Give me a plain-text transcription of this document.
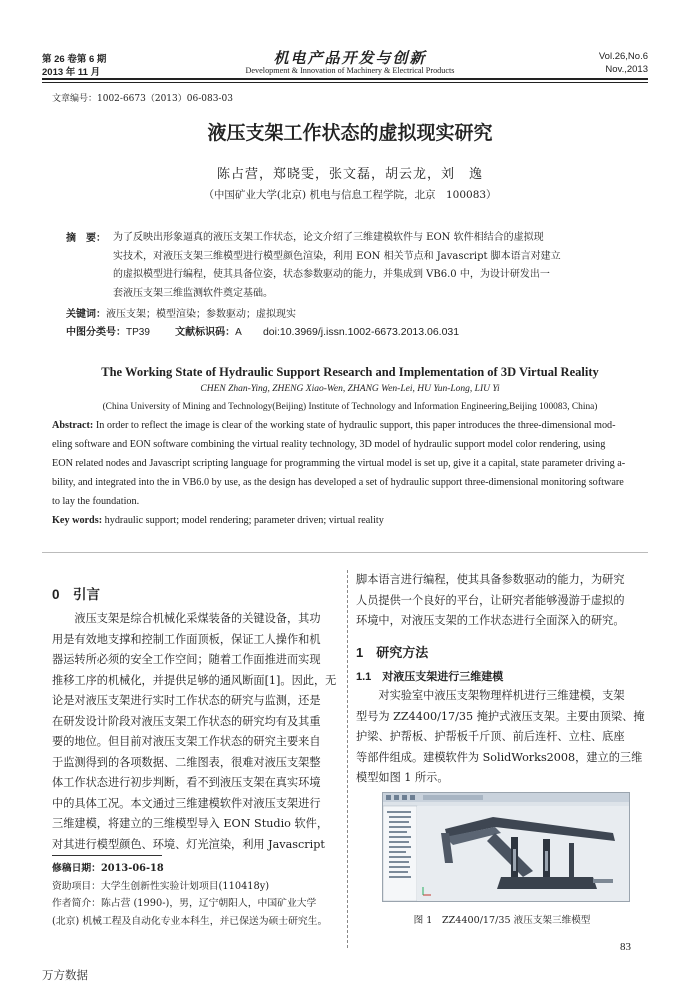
第 26 卷第 6 期
2013 年 11 月
机电产品开发与创新
Development & Innovation of Machinery & Electrical Products
Vol.26,No.6
Nov.,2013
文章编号：1002-6673（2013）06-083-03
液压支架工作状态的虚拟现实研究
陈占营，郑晓雯，张文磊，胡云龙，刘　逸
（中国矿业大学(北京) 机电与信息工程学院，北京　100083）
摘　要： 为了反映出形象逼真的液压支架工作状态，论文介绍了三维建模软件与 EON 软件相结合的虚拟现
实技术，对液压支架三维模型进行模型颜色渲染，利用 EON 相关节点和 Javascript 脚本语言对建立
的虚拟模型进行编程，使其具备位姿，状态参数驱动的能力，并集成到 VB6.0 中，为设计研发出一
套液压支架三维监测软件奠定基础。
关键词：液压支架；模型渲染；参数驱动；虚拟现实
中图分类号：TP39	文献标识码：A doi:10.3969/j.issn.1002-6673.2013.06.031
The Working State of Hydraulic Support Research and Implementation of 3D Virtual Reality
CHEN Zhan-Ying, ZHENG Xiao-Wen, ZHANG Wen-Lei, HU Yun-Long, LIU Yi
(China University of Mining and Technology(Beijing) Institute of Technology and Information Engineering,Beijing 100083, China)
Abstract: In order to reflect the image is clear of the working state of hydraulic support, this paper introduces the three-dimensional mod-
eling software and EON software combining the virtual reality technology, 3D model of hydraulic support model color rendering, using
EON related nodes and Javascript scripting language for programming the virtual model is set up, give it a capital, state parameter driving a-
bility, and integrated into the in VB6.0 by use, as the design has developed a set of hydraulic support three-dimensional monitoring software
to lay the foundation.
Key words: hydraulic support; model rendering; parameter driven; virtual reality
0　引言
液压支架是综合机械化采煤装备的关键设备，其功
用是有效地支撑和控制工作面顶板，保证工人操作和机
器运转所必须的安全工作空间；随着工作面推进而实现
推移工序的机械化，并提供足够的通风断面[1]。因此，无
论是对液压支架进行实时工作状态的研究与监测，还是
在研发设计阶段对液压支架工作状态的研究均有及其重
要的地位。但目前对液压支架工作状态的研究主要来自
于监测得到的各项数据、二维图表，很难对液压支架整
体工作状态进行初步判断，看不到液压支架在真实环境
中的具体工况。本文通过三维建模软件对液压支架进行
三维建模，将建立的三维模型导入 EON Studio 软件，
对其进行模型颜色、环境、灯光渲染，利用 Javascript
修稿日期：2013-06-18
资助项目：大学生创新性实验计划项目(110418y)
作者简介：陈占营 (1990-)，男，辽宁朝阳人，中国矿业大学
(北京) 机械工程及自动化专业本科生，并已保送为硕士研究生。
脚本语言进行编程，使其具备参数驱动的能力，为研究
人员提供一个良好的平台，让研究者能够漫游于虚拟的
环境中，对液压支架的工作状态进行全面深入的研究。
1　研究方法
1.1　对液压支架进行三维建模
对实验室中液压支架物理样机进行三维建模，支架
型号为 ZZ4400/17/35 掩护式液压支架。主要由顶梁、掩
护梁、护帮板、护帮板千斤顶、前后连杆、立柱、底座
等部件组成。建模软件为 SolidWorks2008，建立的三维
模型如图 1 所示。
图 1　ZZ4400/17/35 液压支架三维模型
83
万方数据
